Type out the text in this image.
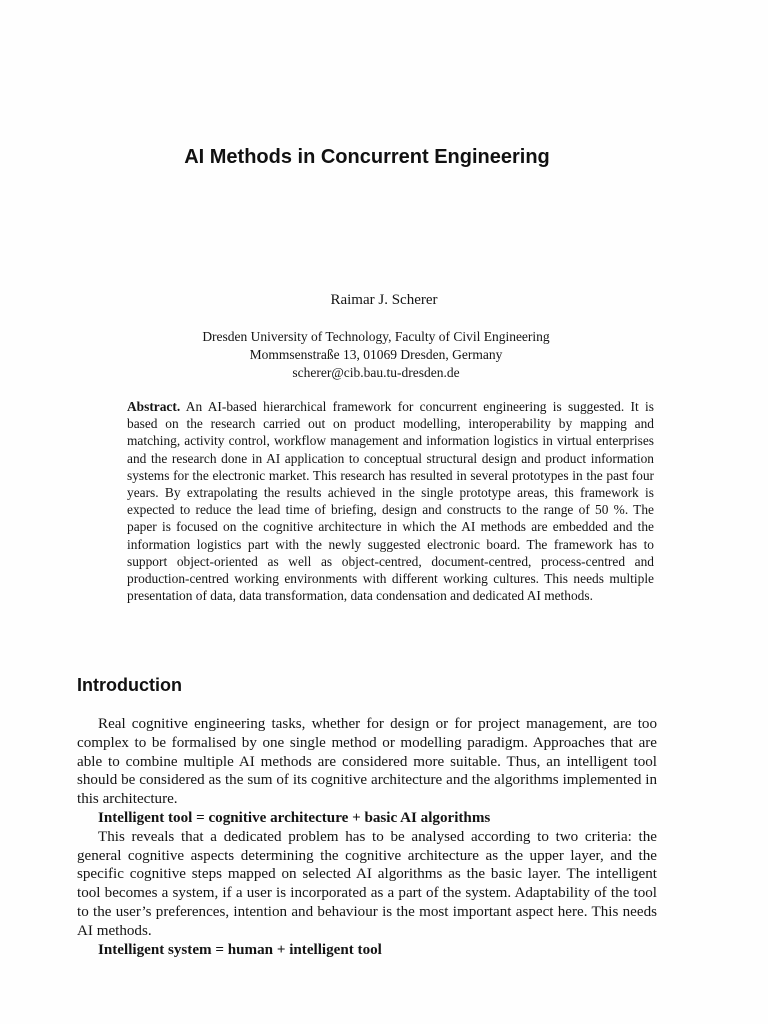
AI Methods in Concurrent Engineering
Raimar J. Scherer
Dresden University of Technology, Faculty of Civil Engineering
Mommsenstraße 13, 01069 Dresden, Germany
scherer@cib.bau.tu-dresden.de
Abstract. An AI-based hierarchical framework for concurrent engineering is suggested. It is based on the research carried out on product modelling, interoperability by mapping and matching, activity control, workflow management and information logistics in virtual enterprises and the research done in AI application to conceptual structural design and product information systems for the electronic market. This research has resulted in several prototypes in the past four years. By extrapolating the results achieved in the single prototype areas, this framework is expected to reduce the lead time of briefing, design and constructs to the range of 50 %. The paper is focused on the cognitive architecture in which the AI methods are embedded and the information logistics part with the newly suggested electronic board. The framework has to support object-oriented as well as object-centred, document-centred, process-centred and production-centred working environments with different working cultures. This needs multiple presentation of data, data transformation, data condensation and dedicated AI methods.
Introduction

Real cognitive engineering tasks, whether for design or for project management, are too complex to be formalised by one single method or modelling paradigm. Approaches that are able to combine multiple AI methods are considered more suitable. Thus, an intelligent tool should be considered as the sum of its cognitive architecture and the algorithms implemented in this architecture.

Intelligent tool = cognitive architecture + basic AI algorithms

This reveals that a dedicated problem has to be analysed according to two criteria: the general cognitive aspects determining the cognitive architecture as the upper layer, and the specific cognitive steps mapped on selected AI algorithms as the basic layer. The intelligent tool becomes a system, if a user is incorporated as a part of the system. Adaptability of the tool to the user’s preferences, intention and behaviour is the most important aspect here. This needs AI methods.

Intelligent system = human + intelligent tool
